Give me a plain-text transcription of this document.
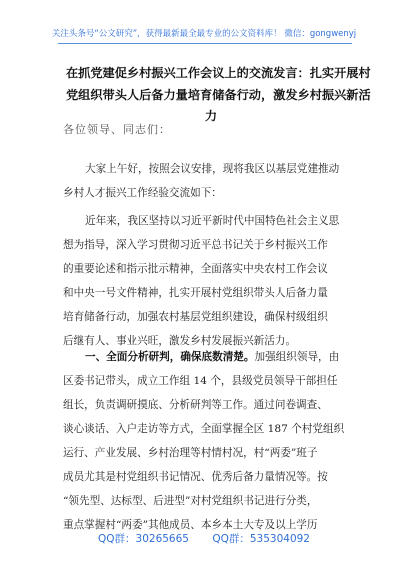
关注头条号“公文研究”，获得最新最全最专业的公文资料库！ 微信：gongwenyj
在抓党建促乡村振兴工作会议上的交流发言：扎实开展村
党组织带头人后备力量培育储备行动，激发乡村振兴新活
力
各位领导、同志们：
大家上午好，按照会议安排，现将我区以基层党建推动
乡村人才振兴工作经验交流如下：
近年来，我区坚持以习近平新时代中国特色社会主义思
想为指导，深入学习贯彻习近平总书记关于乡村振兴工作
的重要论述和指示批示精神，全面落实中央农村工作会议
和中央一号文件精神，扎实开展村党组织带头人后备力量
培育储备行动，加强农村基层党组织建设，确保村级组织
后继有人、事业兴旺，激发乡村发展振兴新活力。
一、全面分析研判，确保底数清楚。加强组织领导，由
区委书记带头，成立工作组 14 个，县级党员领导干部担任
组长，负责调研摸底、分析研判等工作。通过问卷调查、
谈心谈话、入户走访等方式，全面掌握全区 187 个村党组织
运行、产业发展、乡村治理等村情村况，村“两委”班子
成员尤其是村党组织书记情况、优秀后备力量情况等。按
“领先型、达标型、后进型”对村党组织书记进行分类，
重点掌握村“两委”其他成员、本乡本土大专及以上学历
QQ群：30265665 QQ群：535304092
